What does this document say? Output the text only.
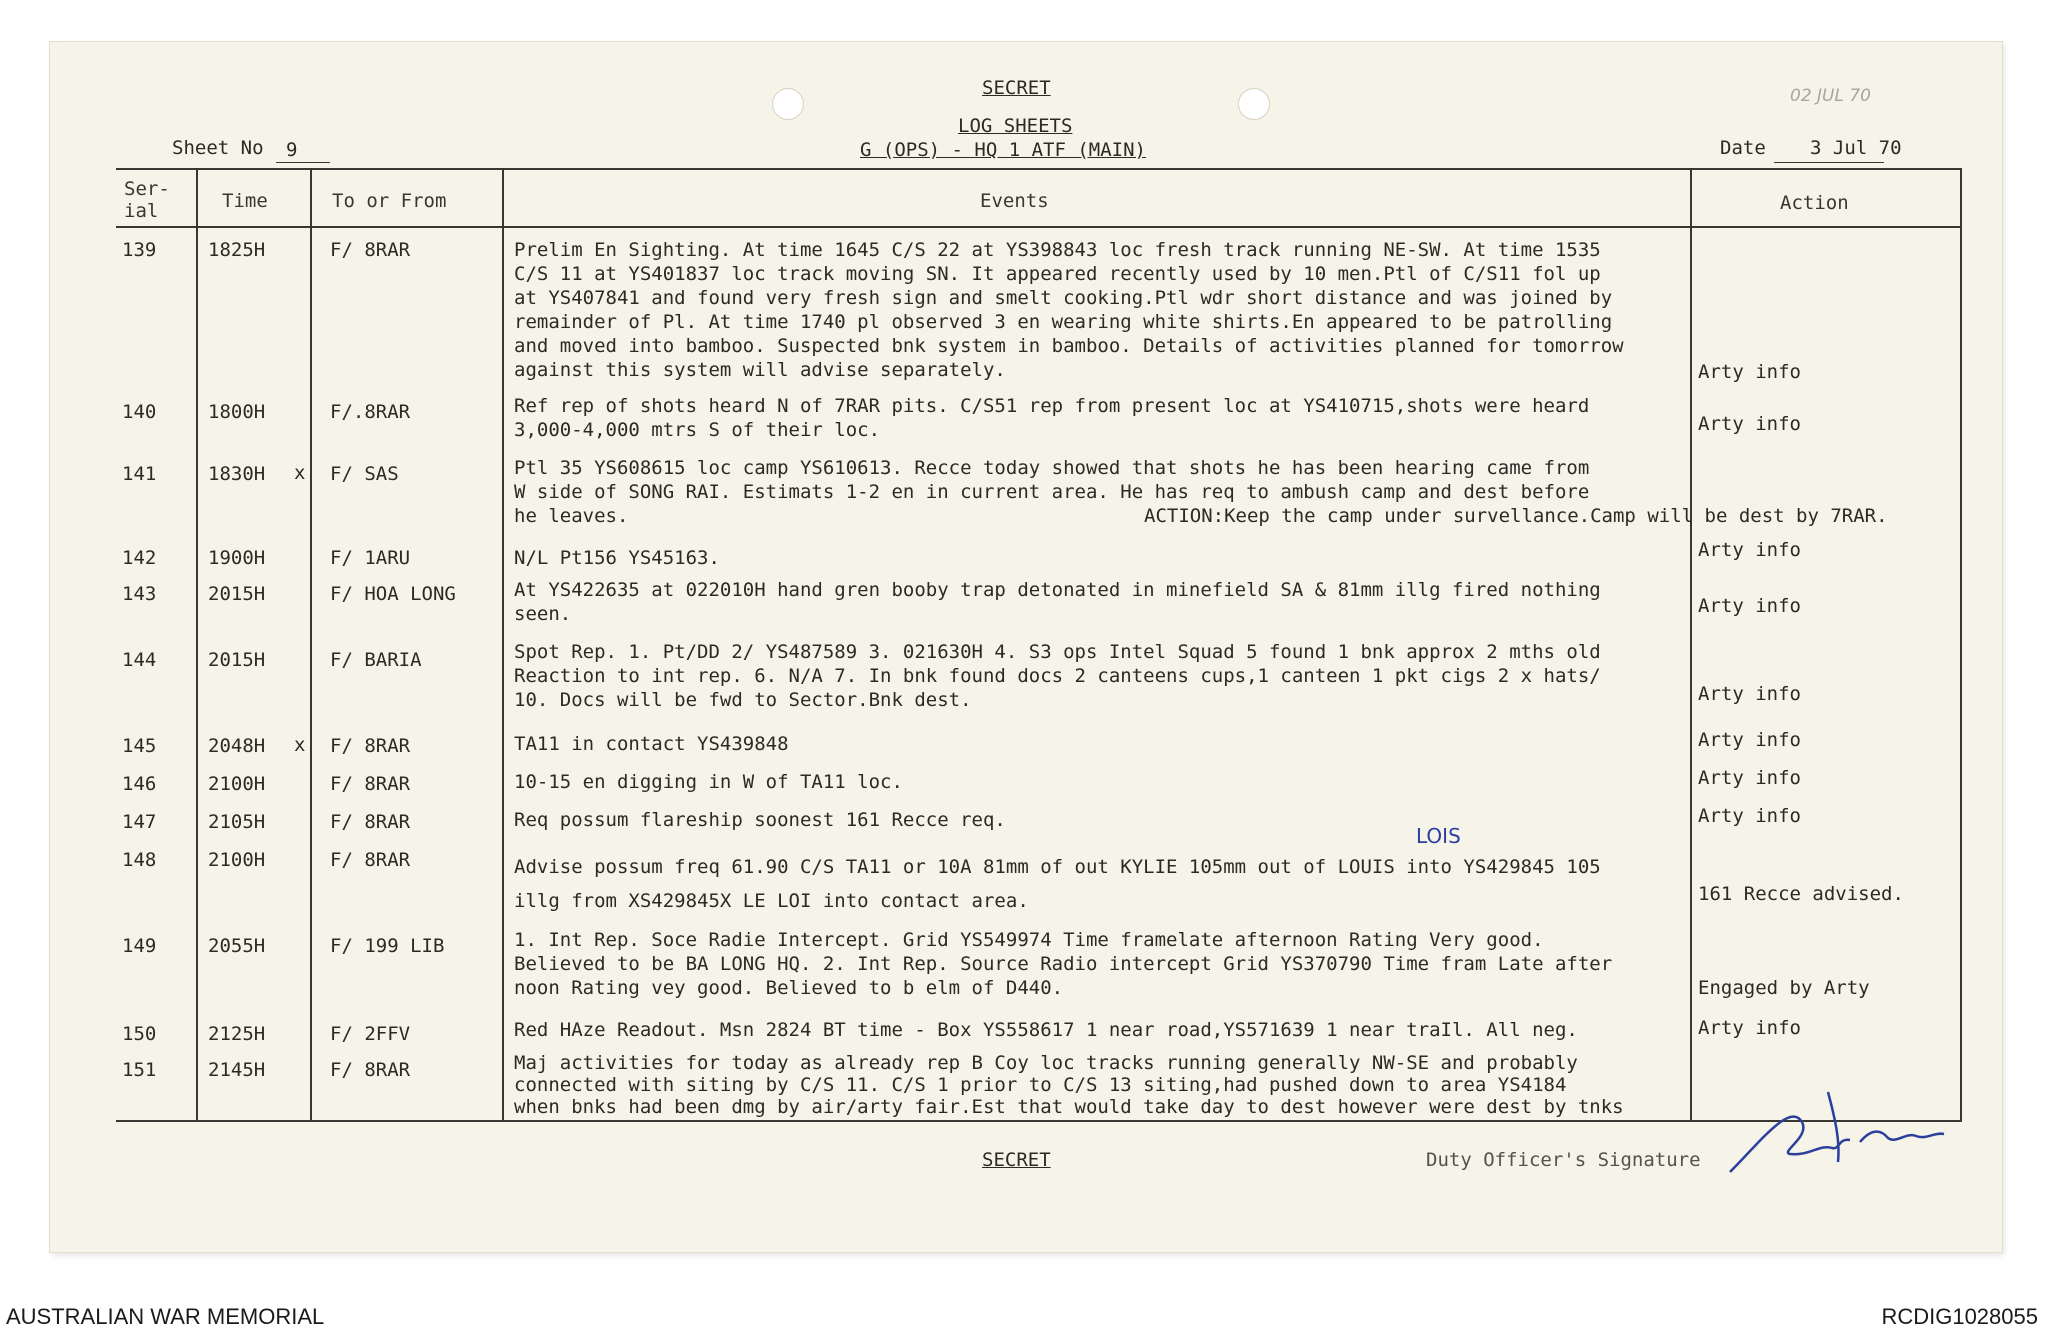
SECRET	02 JUL 70
LOG SHEETS
G (OPS) - HQ 1 ATF (MAIN)
Sheet No 9	Date 3 Jul 70
Ser-
ial	Time	To or From	Events	Action
139	1825H	F/ 8RAR	Prelim En Sighting. At time 1645 C/S 22 at YS398843 loc fresh track running NE-SW. At time 1535
C/S 11 at YS401837 loc track moving SN. It appeared recently used by 10 men.Ptl of C/S11 fol up
at YS407841 and found very fresh sign and smelt cooking.Ptl wdr short distance and was joined by
remainder of Pl. At time 1740 pl observed 3 en wearing white shirts.En appeared to be patrolling
and moved into bamboo. Suspected bnk system in bamboo. Details of activities planned for tomorrow
against this system will advise separately.	Arty info
140	1800H	F/.8RAR	Ref rep of shots heard N of 7RAR pits. C/S51 rep from present loc at YS410715,shots were heard
3,000-4,000 mtrs S of their loc.	Arty info
141	1830H x F/ SAS	Ptl 35 YS608615 loc camp YS610613. Recce today showed that shots he has been hearing came from
W side of SONG RAI. Estimats 1-2 en in current area. He has req to ambush camp and dest before
he leaves.	ACTION:Keep the camp under survellance.Camp will be dest by 7RAR.
142	1900H	F/ 1ARU	N/L Pt156 YS45163.	Arty info
143	2015H	F/ HOA LONG	At YS422635 at 022010H hand gren booby trap detonated in minefield SA & 81mm illg fired nothing
seen.	Arty info
144	2015H	F/ BARIA	Spot Rep. 1. Pt/DD 2/ YS487589 3. 021630H 4. S3 ops Intel Squad 5 found 1 bnk approx 2 mths old
Reaction to int rep. 6. N/A 7. In bnk found docs 2 canteens cups,1 canteen 1 pkt cigs 2 x hats/
10. Docs will be fwd to Sector.Bnk dest.	Arty info
145	2048H x F/ 8RAR	TA11 in contact YS439848	Arty info
146	2100H	F/ 8RAR	10-15 en digging in W of TA11 loc.	Arty info
147	2105H	F/ 8RAR	Req possum flareship soonest 161 Recce req.	Arty info
LOIS
148	2100H	F/ 8RAR	Advise possum freq 61.90 C/S TA11 or 10A 81mm of out KYLIE 105mm out of LOUIS into YS429845 105
illg from XS429845X LE LOI into contact area.	161 Recce advised.
149	2055H	F/ 199 LIB	1. Int Rep. Soce Radie Intercept. Grid YS549974 Time framelate afternoon Rating Very good.
Believed to be BA LONG HQ. 2. Int Rep. Source Radio intercept Grid YS370790 Time fram Late after
noon Rating vey good. Believed to b elm of D440.	Engaged by Arty
150	2125H	F/ 2FFV	Red HAze Readout. Msn 2824 BT time - Box YS558617 1 near road,YS571639 1 near traIl. All neg.	Arty info
151	2145H	F/ 8RAR	Maj activities for today as already rep B Coy loc tracks running generally NW-SE and probably
connected with siting by C/S 11. C/S 1 prior to C/S 13 siting,had pushed down to area YS4184
when bnks had been dmg by air/arty fair.Est that would take day to dest however were dest by tnks
SECRET	Duty Officer's Signature
AUSTRALIAN WAR MEMORIAL	RCDIG1028055
